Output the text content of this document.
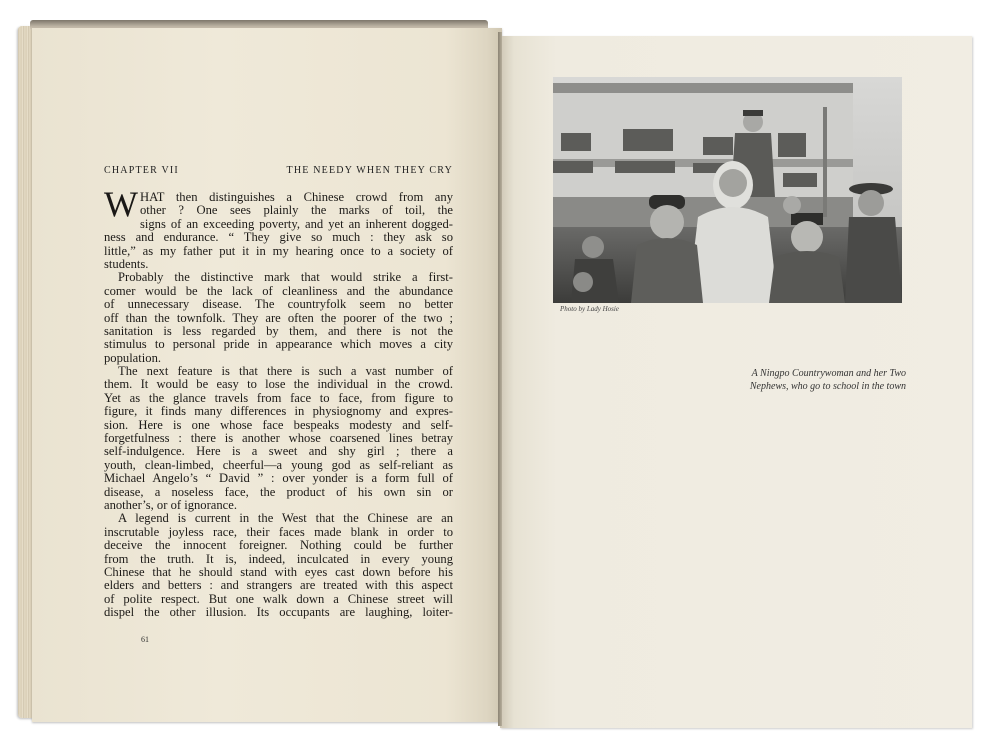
CHAPTER VII	THE NEEDY WHEN THEY CRY
W HAT then distinguishes a Chinese crowd from any
other ? One sees plainly the marks of toil, the
signs of an exceeding poverty, and yet an inherent dogged-
ness and endurance. “ They give so much : they ask so
little,” as my father put it in my hearing once to a society of
students.
Probably the distinctive mark that would strike a first-
comer would be the lack of cleanliness and the abundance
of unnecessary disease. The countryfolk seem no better
off than the townfolk. They are often the poorer of the two ;
sanitation is less regarded by them, and there is not the
stimulus to personal pride in appearance which moves a city
population.
The next feature is that there is such a vast number of
them. It would be easy to lose the individual in the crowd.
Yet as the glance travels from face to face, from figure to
figure, it finds many differences in physiognomy and expres-
sion. Here is one whose face bespeaks modesty and self-
forgetfulness : there is another whose coarsened lines betray
self-indulgence. Here is a sweet and shy girl ; there a
youth, clean-limbed, cheerful—a young god as self-reliant as
Michael Angelo’s “ David ” : over yonder is a form full of
disease, a noseless face, the product of his own sin or
another’s, or of ignorance.
A legend is current in the West that the Chinese are an
inscrutable joyless race, their faces made blank in order to
deceive the innocent foreigner. Nothing could be further
from the truth. It is, indeed, inculcated in every young
Chinese that he should stand with eyes cast down before his
elders and betters : and strangers are treated with this aspect
of polite respect. But one walk down a Chinese street will
dispel the other illusion. Its occupants are laughing, loiter-
61
Photo by Lady Hosie
A Ningpo Countrywoman and her Two
Nephews, who go to school in the town
